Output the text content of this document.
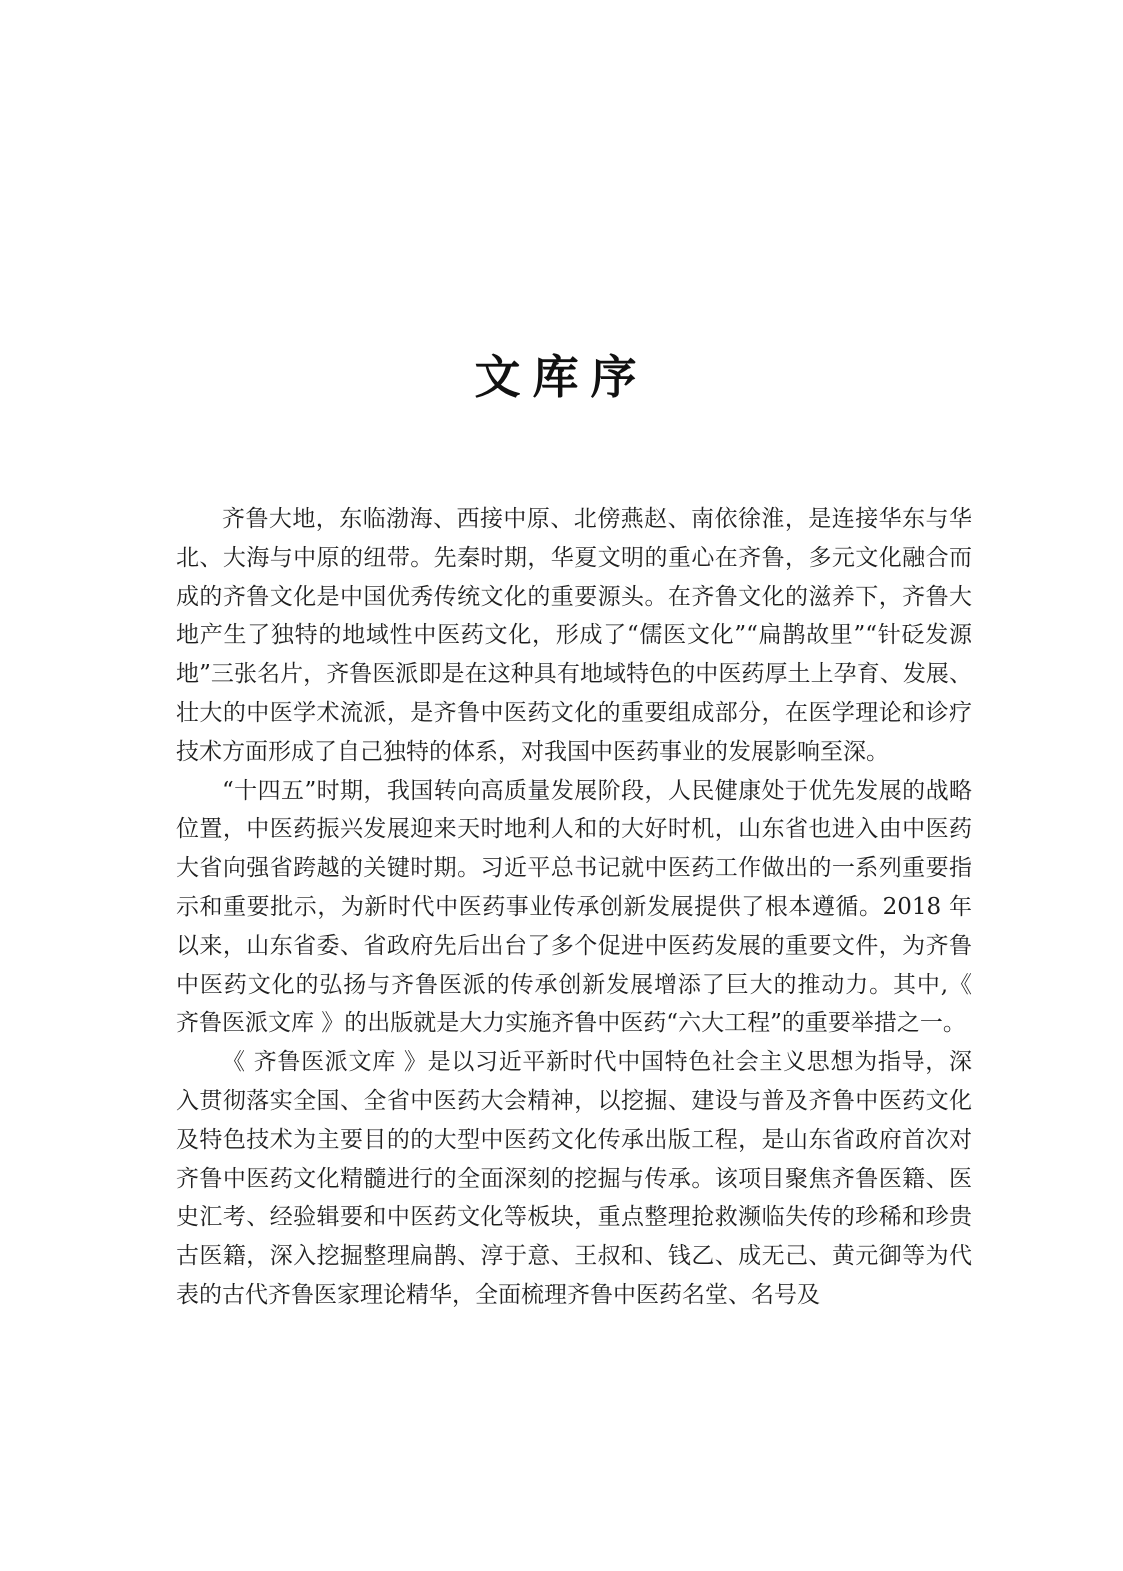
文库序

齐鲁大地，东临渤海、西接中原、北傍燕赵、南依徐淮，是连接华东与华北、大海与中原的纽带。先秦时期，华夏文明的重心在齐鲁，多元文化融合而成的齐鲁文化是中国优秀传统文化的重要源头。在齐鲁文化的滋养下，齐鲁大地产生了独特的地域性中医药文化，形成了“儒医文化”“扁鹊故里”“针砭发源地”三张名片，齐鲁医派即是在这种具有地域特色的中医药厚土上孕育、发展、壮大的中医学术流派，是齐鲁中医药文化的重要组成部分，在医学理论和诊疗技术方面形成了自己独特的体系，对我国中医药事业的发展影响至深。

“十四五”时期，我国转向高质量发展阶段，人民健康处于优先发展的战略位置，中医药振兴发展迎来天时地利人和的大好时机，山东省也进入由中医药大省向强省跨越的关键时期。习近平总书记就中医药工作做出的一系列重要指示和重要批示，为新时代中医药事业传承创新发展提供了根本遵循。2018 年以来，山东省委、省政府先后出台了多个促进中医药发展的重要文件，为齐鲁中医药文化的弘扬与齐鲁医派的传承创新发展增添了巨大的推动力。其中,《 齐鲁医派文库 》的出版就是大力实施齐鲁中医药“六大工程”的重要举措之一。

《 齐鲁医派文库 》是以习近平新时代中国特色社会主义思想为指导，深入贯彻落实全国、全省中医药大会精神，以挖掘、建设与普及齐鲁中医药文化及特色技术为主要目的的大型中医药文化传承出版工程，是山东省政府首次对齐鲁中医药文化精髓进行的全面深刻的挖掘与传承。该项目聚焦齐鲁医籍、医史汇考、经验辑要和中医药文化等板块，重点整理抢救濒临失传的珍稀和珍贵古医籍，深入挖掘整理扁鹊、淳于意、王叔和、钱乙、成无己、黄元御等为代表的古代齐鲁医家理论精华，全面梳理齐鲁中医药名堂、名号及
